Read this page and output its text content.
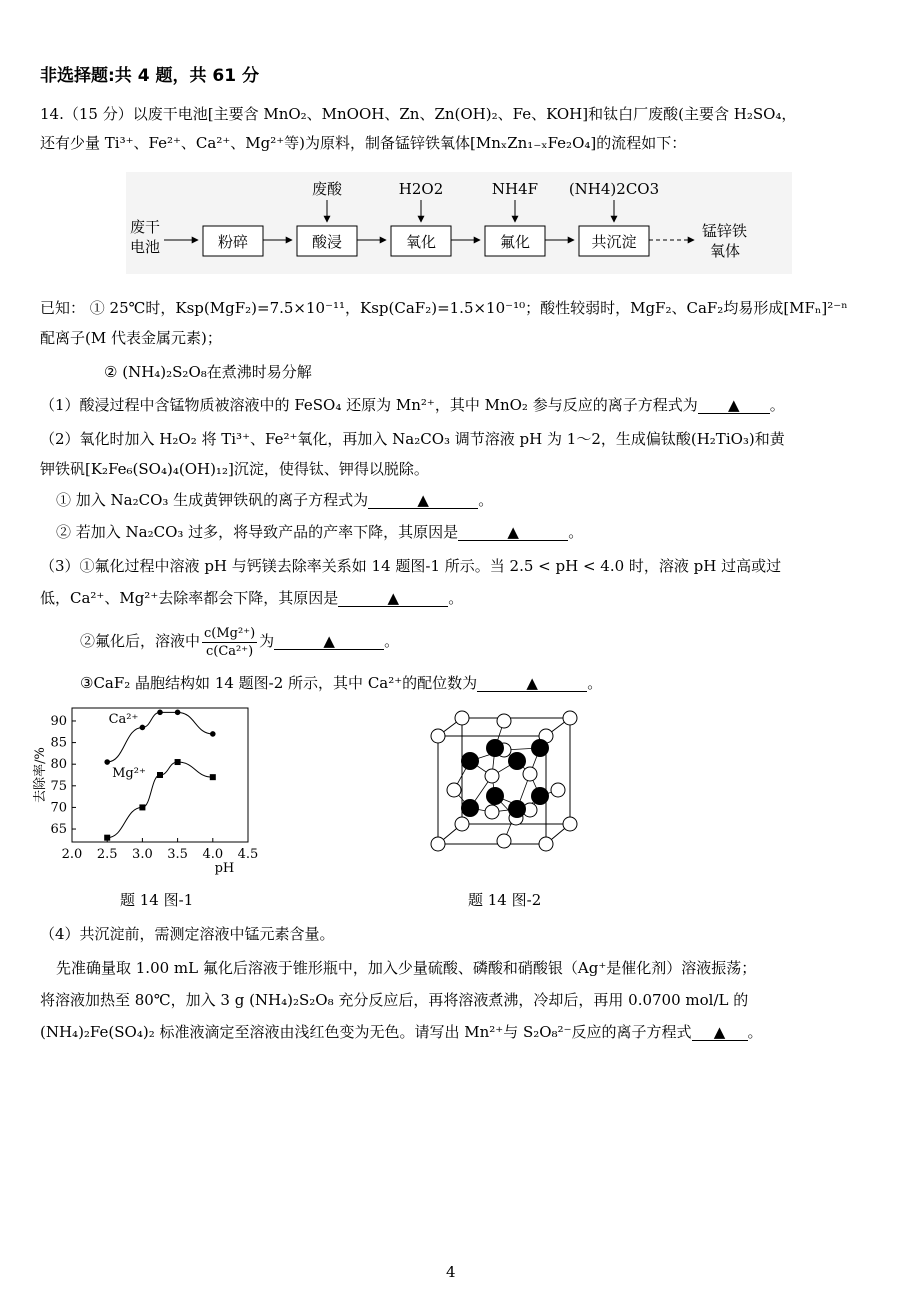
非选择题:共 4 题，共 61 分
14.（15 分）以废干电池[主要含 MnO₂、MnOOH、Zn、Zn(OH)₂、Fe、KOH]和钛白厂废酸(主要含 H₂SO₄，
还有少量 Ti³⁺、Fe²⁺、Ca²⁺、Mg²⁺等)为原料，制备锰锌铁氧体[MnₓZn₁₋ₓFe₂O₄]的流程如下：
废干
电池	粉碎	酸浸
废酸
氧化
H2O2
氟化
NH4F
共沉淀
(NH4)2CO3
锰锌铁
氧体
已知： ① 25℃时，Ksp(MgF₂)=7.5×10⁻¹¹，Ksp(CaF₂)=1.5×10⁻¹⁰；酸性较弱时，MgF₂、CaF₂均易形成[MFₙ]²⁻ⁿ
配离子(M 代表金属元素)；
② (NH₄)₂S₂O₈在煮沸时易分解
（1）酸浸过程中含锰物质被溶液中的 FeSO₄ 还原为 Mn²⁺，其中 MnO₂ 参与反应的离子方程式为 ▲ 。
（2）氧化时加入 H₂O₂ 将 Ti³⁺、Fe²⁺氧化，再加入 Na₂CO₃ 调节溶液 pH 为 1～2，生成偏钛酸(H₂TiO₃)和黄
钾铁矾[K₂Fe₆(SO₄)₄(OH)₁₂]沉淀，使得钛、钾得以脱除。
① 加入 Na₂CO₃ 生成黄钾铁矾的离子方程式为	▲	。
② 若加入 Na₂CO₃ 过多，将导致产品的产率下降，其原因是	▲	。
（3）①氟化过程中溶液 pH 与钙镁去除率关系如 14 题图-1 所示。当 2.5 < pH < 4.0 时，溶液 pH 过高或过
低，Ca²⁺、Mg²⁺去除率都会下降，其原因是	▲	。
②氟化后，溶液中 $\frac{\text{c(Mg²⁺)}}{\text{c(Ca²⁺)}}$ 为	▲	。
③CaF₂ 晶胞结构如 14 题图-2 所示，其中 Ca²⁺的配位数为	▲	。
2.0 2.5 3.0 3.5 4.0 4.5
65
70
75
80
85
90
pH
去除率/%
Ca²⁺
Mg²⁺
题 14 图-1	题 14 图-2
（4）共沉淀前，需测定溶液中锰元素含量。
先准确量取 1.00 mL 氟化后溶液于锥形瓶中，加入少量硫酸、磷酸和硝酸银（Ag⁺是催化剂）溶液振荡；
将溶液加热至 80℃，加入 3 g (NH₄)₂S₂O₈ 充分反应后，再将溶液煮沸，冷却后，再用 0.0700 mol/L 的
(NH₄)₂Fe(SO₄)₂ 标准液滴定至溶液由浅红色变为无色。请写出 Mn²⁺与 S₂O₈²⁻反应的离子方程式 ▲ 。
4
